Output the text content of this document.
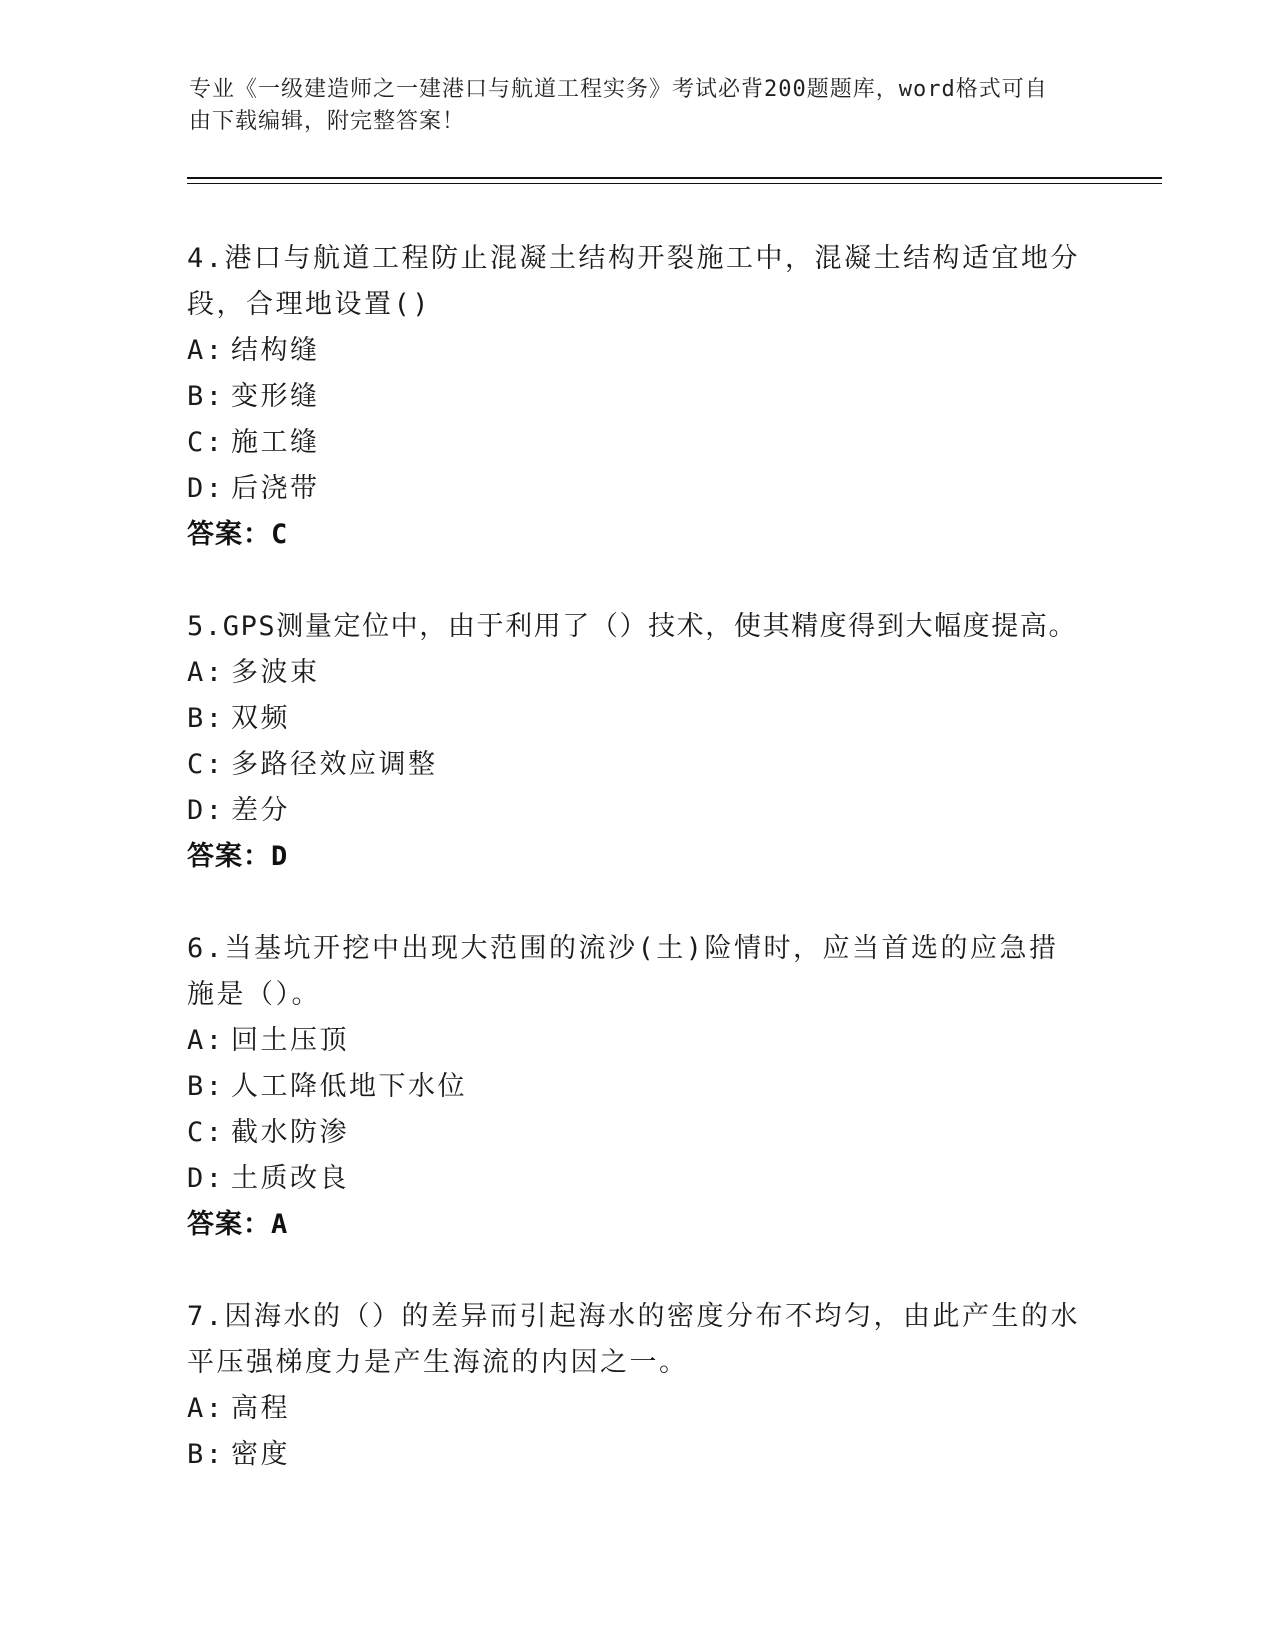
专业《一级建造师之一建港口与航道工程实务》考试必背200题题库，word格式可自由下载编辑，附完整答案！
4.港口与航道工程防止混凝土结构开裂施工中，混凝土结构适宜地分段，合理地设置()
A: 结构缝
B: 变形缝
C: 施工缝
D: 后浇带
答案：C
5.GPS测量定位中，由于利用了（）技术，使其精度得到大幅度提高。
A: 多波束
B: 双频
C: 多路径效应调整
D: 差分
答案：D
6.当基坑开挖中出现大范围的流沙(土)险情时，应当首选的应急措施是（）。
A: 回土压顶
B: 人工降低地下水位
C: 截水防渗
D: 土质改良
答案：A
7.因海水的（）的差异而引起海水的密度分布不均匀，由此产生的水平压强梯度力是产生海流的内因之一。
A: 高程
B: 密度
